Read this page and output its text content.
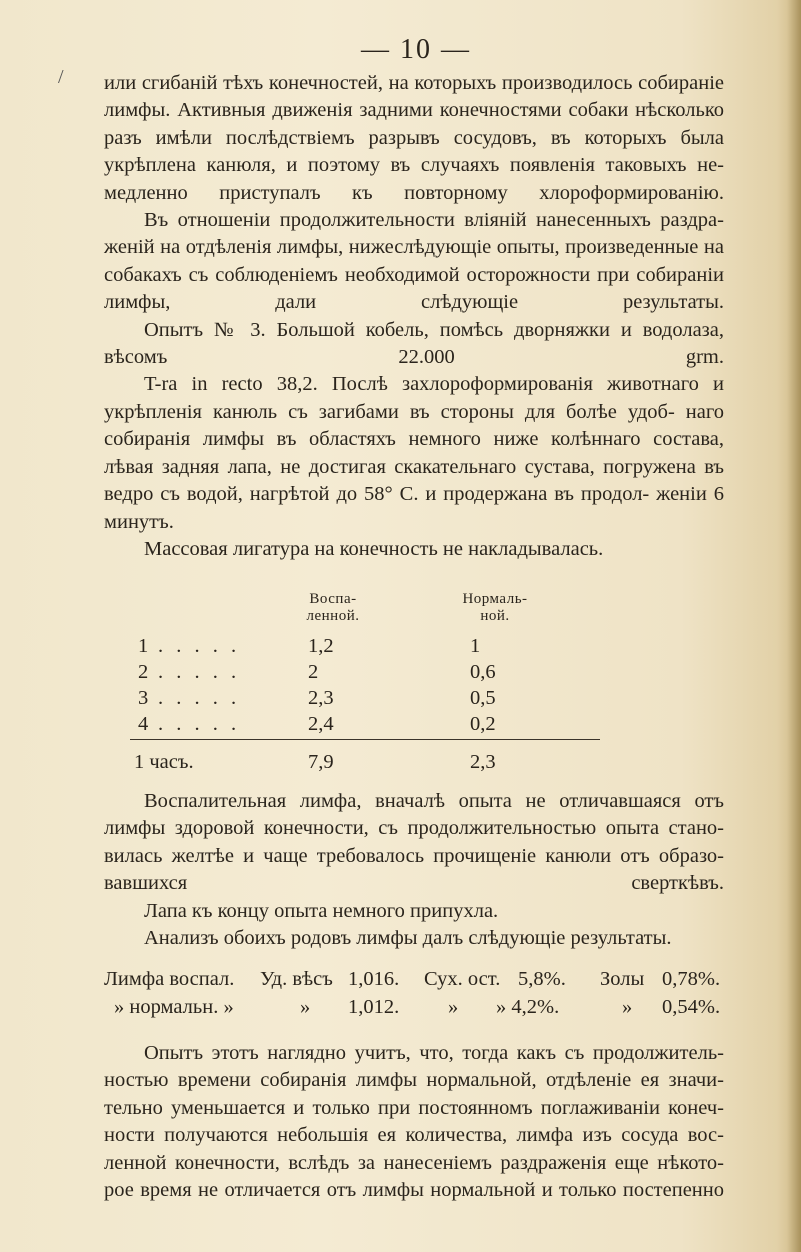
— 10 —
/ или сгибаній тѣхъ конечностей, на которыхъ производилось собираніе лимфы. Активныя движенія задними конечностями собаки нѣсколько разъ имѣли послѣдствіемъ разрывъ сосудовъ, въ которыхъ была укрѣплена канюля, и поэтому въ случаяхъ появленія таковыхъ не- медленно приступалъ къ повторному хлороформированію.

Въ отношеніи продолжительности вліяній нанесенныхъ раздра- женій на отдѣленія лимфы, нижеслѣдующіе опыты, произведенные на собакахъ съ соблюденіемъ необходимой осторожности при собираніи лимфы, дали слѣдующіе результаты.

Опытъ № 3. Большой кобель, помѣсь дворняжки и водолаза, вѣсомъ 22.000 grm.

T-ra in recto 38,2. Послѣ захлороформированія животнаго и укрѣпленія канюль съ загибами въ стороны для болѣе удоб- наго собиранія лимфы въ областяхъ немного ниже колѣннаго состава, лѣвая задняя лапа, не достигая скакательнаго сустава, погружена въ ведро съ водой, нагрѣтой до 58° C. и продержана въ продол- женіи 6 минутъ.

Массовая лигатура на конечность не накладывалась.

Воспа- ленной.
Нормаль- ной.
1 . . . . .	1,2	1
2 . . . . .	2	0,6
3 . . . . .	2,3	0,5
4 . . . . .	2,4	0,2
1 часъ.	7,9	2,3

Воспалительная лимфа, вначалѣ опыта не отличавшаяся отъ лимфы здоровой конечности, съ продолжительностью опыта стано- вилась желтѣе и чаще требовалось прочищеніе канюли отъ образо- вавшихся сверткѣвъ.

Лапа къ концу опыта немного припухла.

Анализъ обоихъ родовъ лимфы далъ слѣдующіе результаты.

Лимфа воспал. Уд. вѣсъ 1,016. Сух. ост. 5,8%. Золы 0,78%.
» нормальн. »	» 1,012. » » 4,2%.	» 0,54%.

Опытъ этотъ наглядно учитъ, что, тогда какъ съ продолжитель- ностью времени собиранія лимфы нормальной, отдѣленіе ея значи- тельно уменьшается и только при постоянномъ поглаживаніи конеч- ности получаются небольшія ея количества, лимфа изъ сосуда вос- ленной конечности, вслѣдъ за нанесеніемъ раздраженія еще нѣкото- рое время не отличается отъ лимфы нормальной и только постепенно
